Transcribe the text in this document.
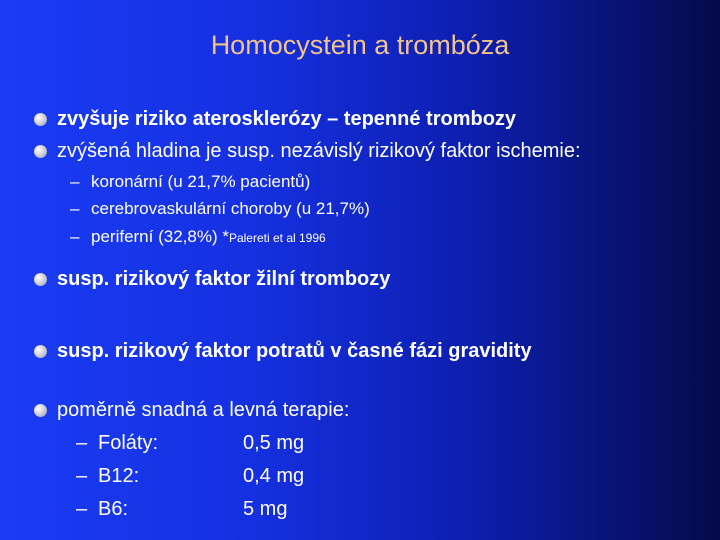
Homocystein a trombóza
zvyšuje riziko aterosklerózy – tepenné trombozy
zvýšená hladina je susp. nezávislý rizikový faktor ischemie:
– koronární (u 21,7% pacientů)
– cerebrovaskulární choroby (u 21,7%)
– periferní (32,8%) *Palereti et al 1996
susp. rizikový faktor žilní trombozy
susp. rizikový faktor potratů v časné fázi gravidity
poměrně snadná a levná terapie:
– Foláty:	0,5 mg
– B12:	0,4 mg
– B6:	5 mg
